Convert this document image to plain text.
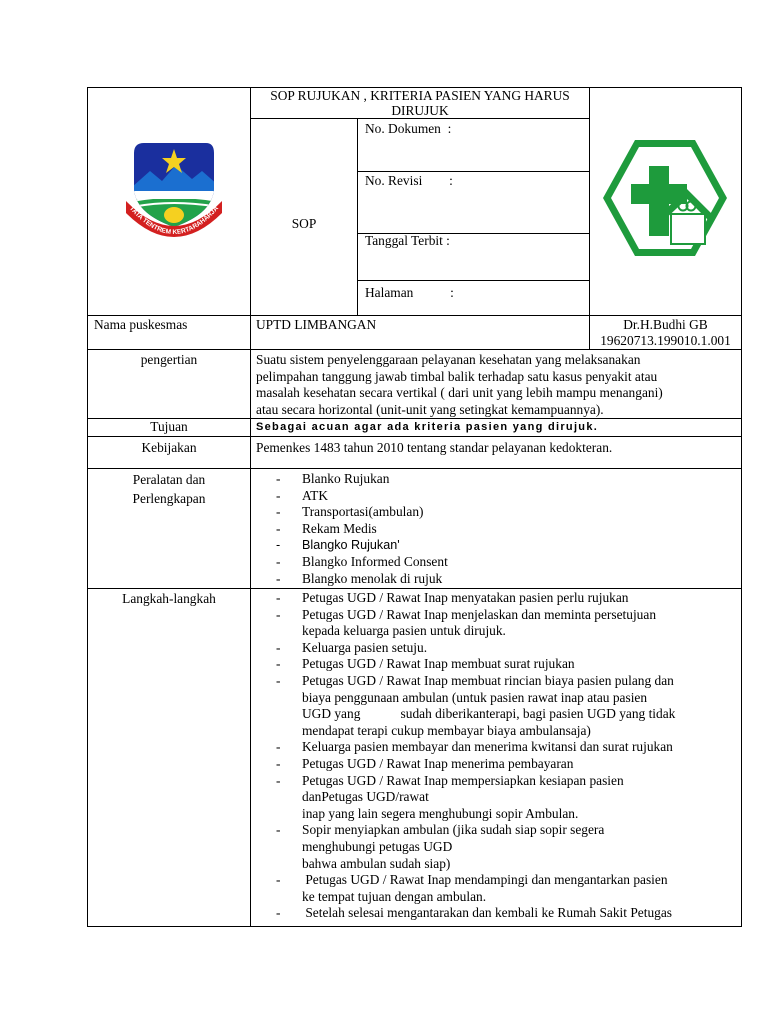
TATA TENTREM KERTARAHARJA
SOP RUJUKAN , KRITERIA PASIEN YANG HARUS
DIRUJUK
SOP
No. Dokumen  :
No. Revisi        :
Tanggal Terbit :
Halaman           :
Nama puskesmas	UPTD LIMBANGAN	Dr.H.Budhi GB
19620713.199010.1.001
pengertian	Suatu sistem penyelenggaraan pelayanan kesehatan yang melaksanakan
pelimpahan tanggung jawab timbal balik terhadap satu kasus penyakit atau
masalah kesehatan secara vertikal ( dari unit yang lebih mampu menangani)
atau secara horizontal (unit-unit yang setingkat kemampuannya).
Tujuan	Sebagai acuan agar ada kriteria pasien yang dirujuk.
Kebijakan	Pemenkes 1483 tahun 2010 tentang standar pelayanan kedokteran.
Peralatan dan
Perlengkapan
- Blanko Rujukan
- ATK
- Transportasi(ambulan)
- Rekam Medis
- Blangko Rujukan'
- Blangko Informed Consent
- Blangko menolak di rujuk
Langkah-langkah
-	Petugas UGD / Rawat Inap menyatakan pasien perlu rujukan
- Petugas UGD / Rawat Inap menjelaskan dan meminta persetujuan
kepada keluarga pasien untuk dirujuk.
- Keluarga pasien setuju.
- Petugas UGD / Rawat Inap membuat surat rujukan
- Petugas UGD / Rawat Inap membuat rincian biaya pasien pulang dan
biaya penggunaan ambulan (untuk pasien rawat inap atau pasien
UGD yang            sudah diberikanterapi, bagi pasien UGD yang tidak
mendapat terapi cukup membayar biaya ambulansaja)
- Keluarga pasien membayar dan menerima kwitansi dan surat rujukan
- Petugas UGD / Rawat Inap menerima pembayaran
- Petugas UGD / Rawat Inap mempersiapkan kesiapan pasien
danPetugas UGD/rawat
inap yang lain segera menghubungi sopir Ambulan.
- Sopir menyiapkan ambulan (jika sudah siap sopir segera
menghubungi petugas UGD
bahwa ambulan sudah siap)
-  Petugas UGD / Rawat Inap mendampingi dan mengantarkan pasien
ke tempat tujuan dengan ambulan.
-  Setelah selesai mengantarakan dan kembali ke Rumah Sakit Petugas
